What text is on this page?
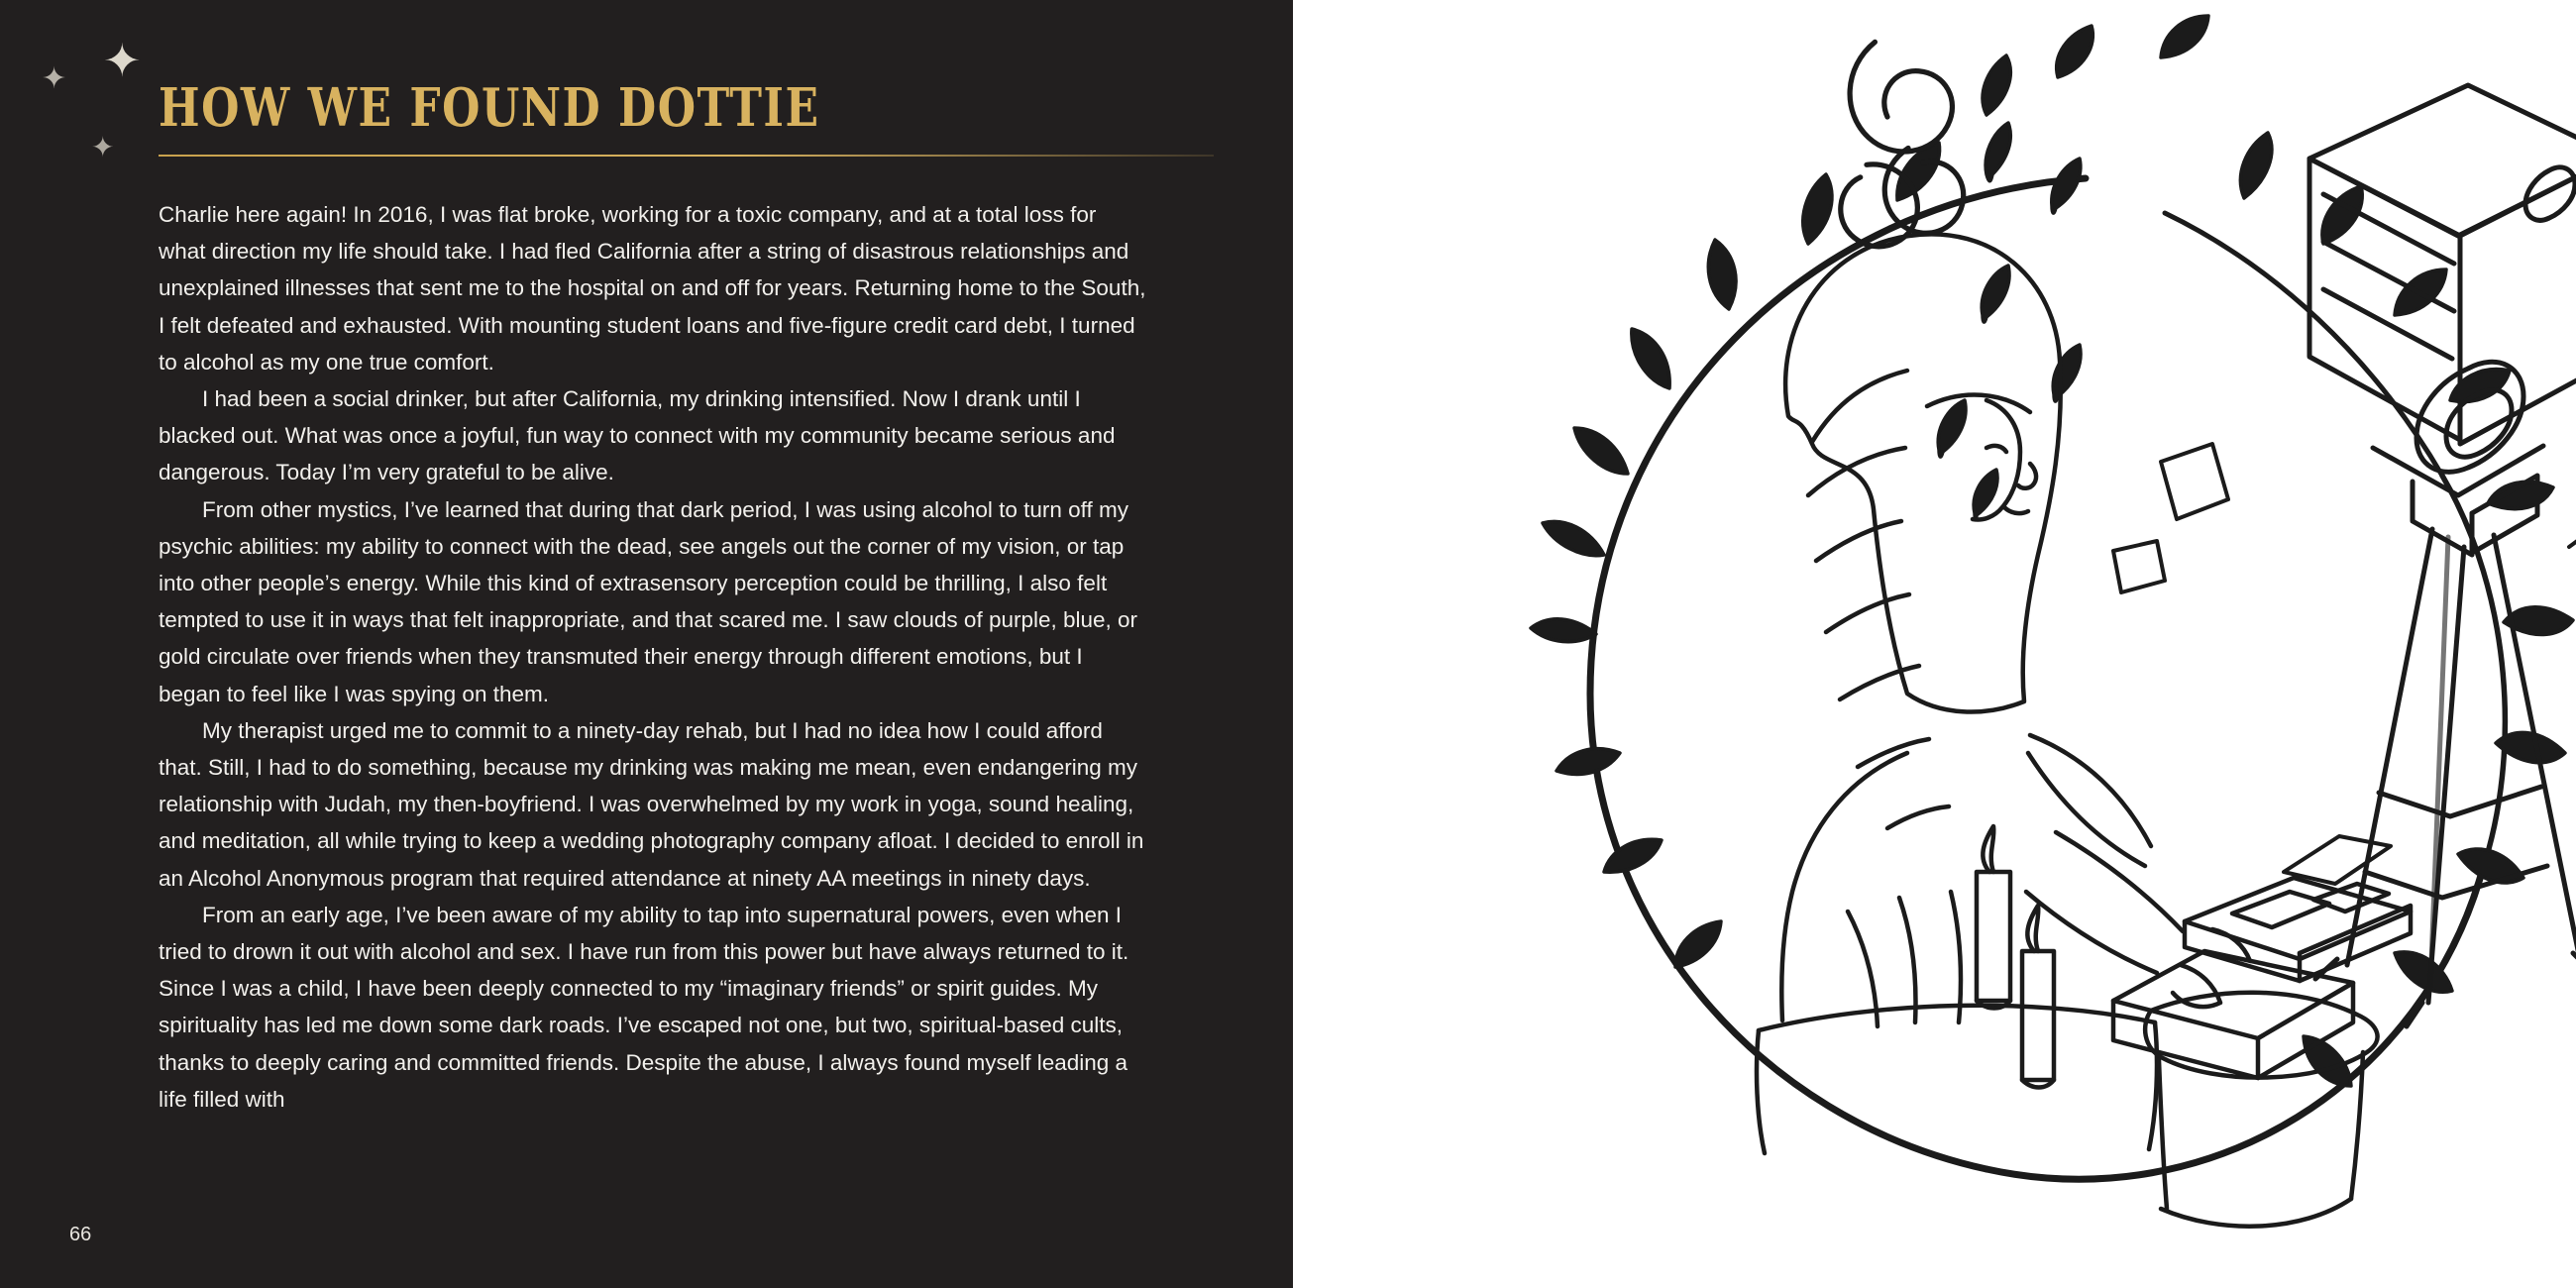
✦
✦
✦
HOW WE FOUND DOTTIE

Charlie here again! In 2016, I was flat broke, working for a toxic company, and at a total loss for what direction my life should take. I had fled California after a string of disastrous relationships and unexplained illnesses that sent me to the hospital on and off for years. Returning home to the South, I felt defeated and exhausted. With mounting student loans and five-figure credit card debt, I turned to alcohol as my one true comfort.

I had been a social drinker, but after California, my drinking intensified. Now I drank until I blacked out. What was once a joyful, fun way to connect with my community became serious and dangerous. Today I’m very grateful to be alive.

From other mystics, I’ve learned that during that dark period, I was using alcohol to turn off my psychic abilities: my ability to connect with the dead, see angels out the corner of my vision, or tap into other people’s energy. While this kind of extrasensory perception could be thrilling, I also felt tempted to use it in ways that felt inappropriate, and that scared me. I saw clouds of purple, blue, or gold circulate over friends when they transmuted their energy through different emotions, but I began to feel like I was spying on them.

My therapist urged me to commit to a ninety-day rehab, but I had no idea how I could afford that. Still, I had to do something, because my drinking was making me mean, even endangering my relationship with Judah, my then-boyfriend. I was overwhelmed by my work in yoga, sound healing, and meditation, all while trying to keep a wedding photography company afloat. I decided to enroll in an Alcohol Anonymous program that required attendance at ninety AA meetings in ninety days.

From an early age, I’ve been aware of my ability to tap into supernatural powers, even when I tried to drown it out with alcohol and sex. I have run from this power but have always returned to it. Since I was a child, I have been deeply connected to my “imaginary friends” or spirit guides. My spirituality has led me down some dark roads. I’ve escaped not one, but two, spiritual-based cults, thanks to deeply caring and committed friends. Despite the abuse, I always found myself leading a life filled with

66
